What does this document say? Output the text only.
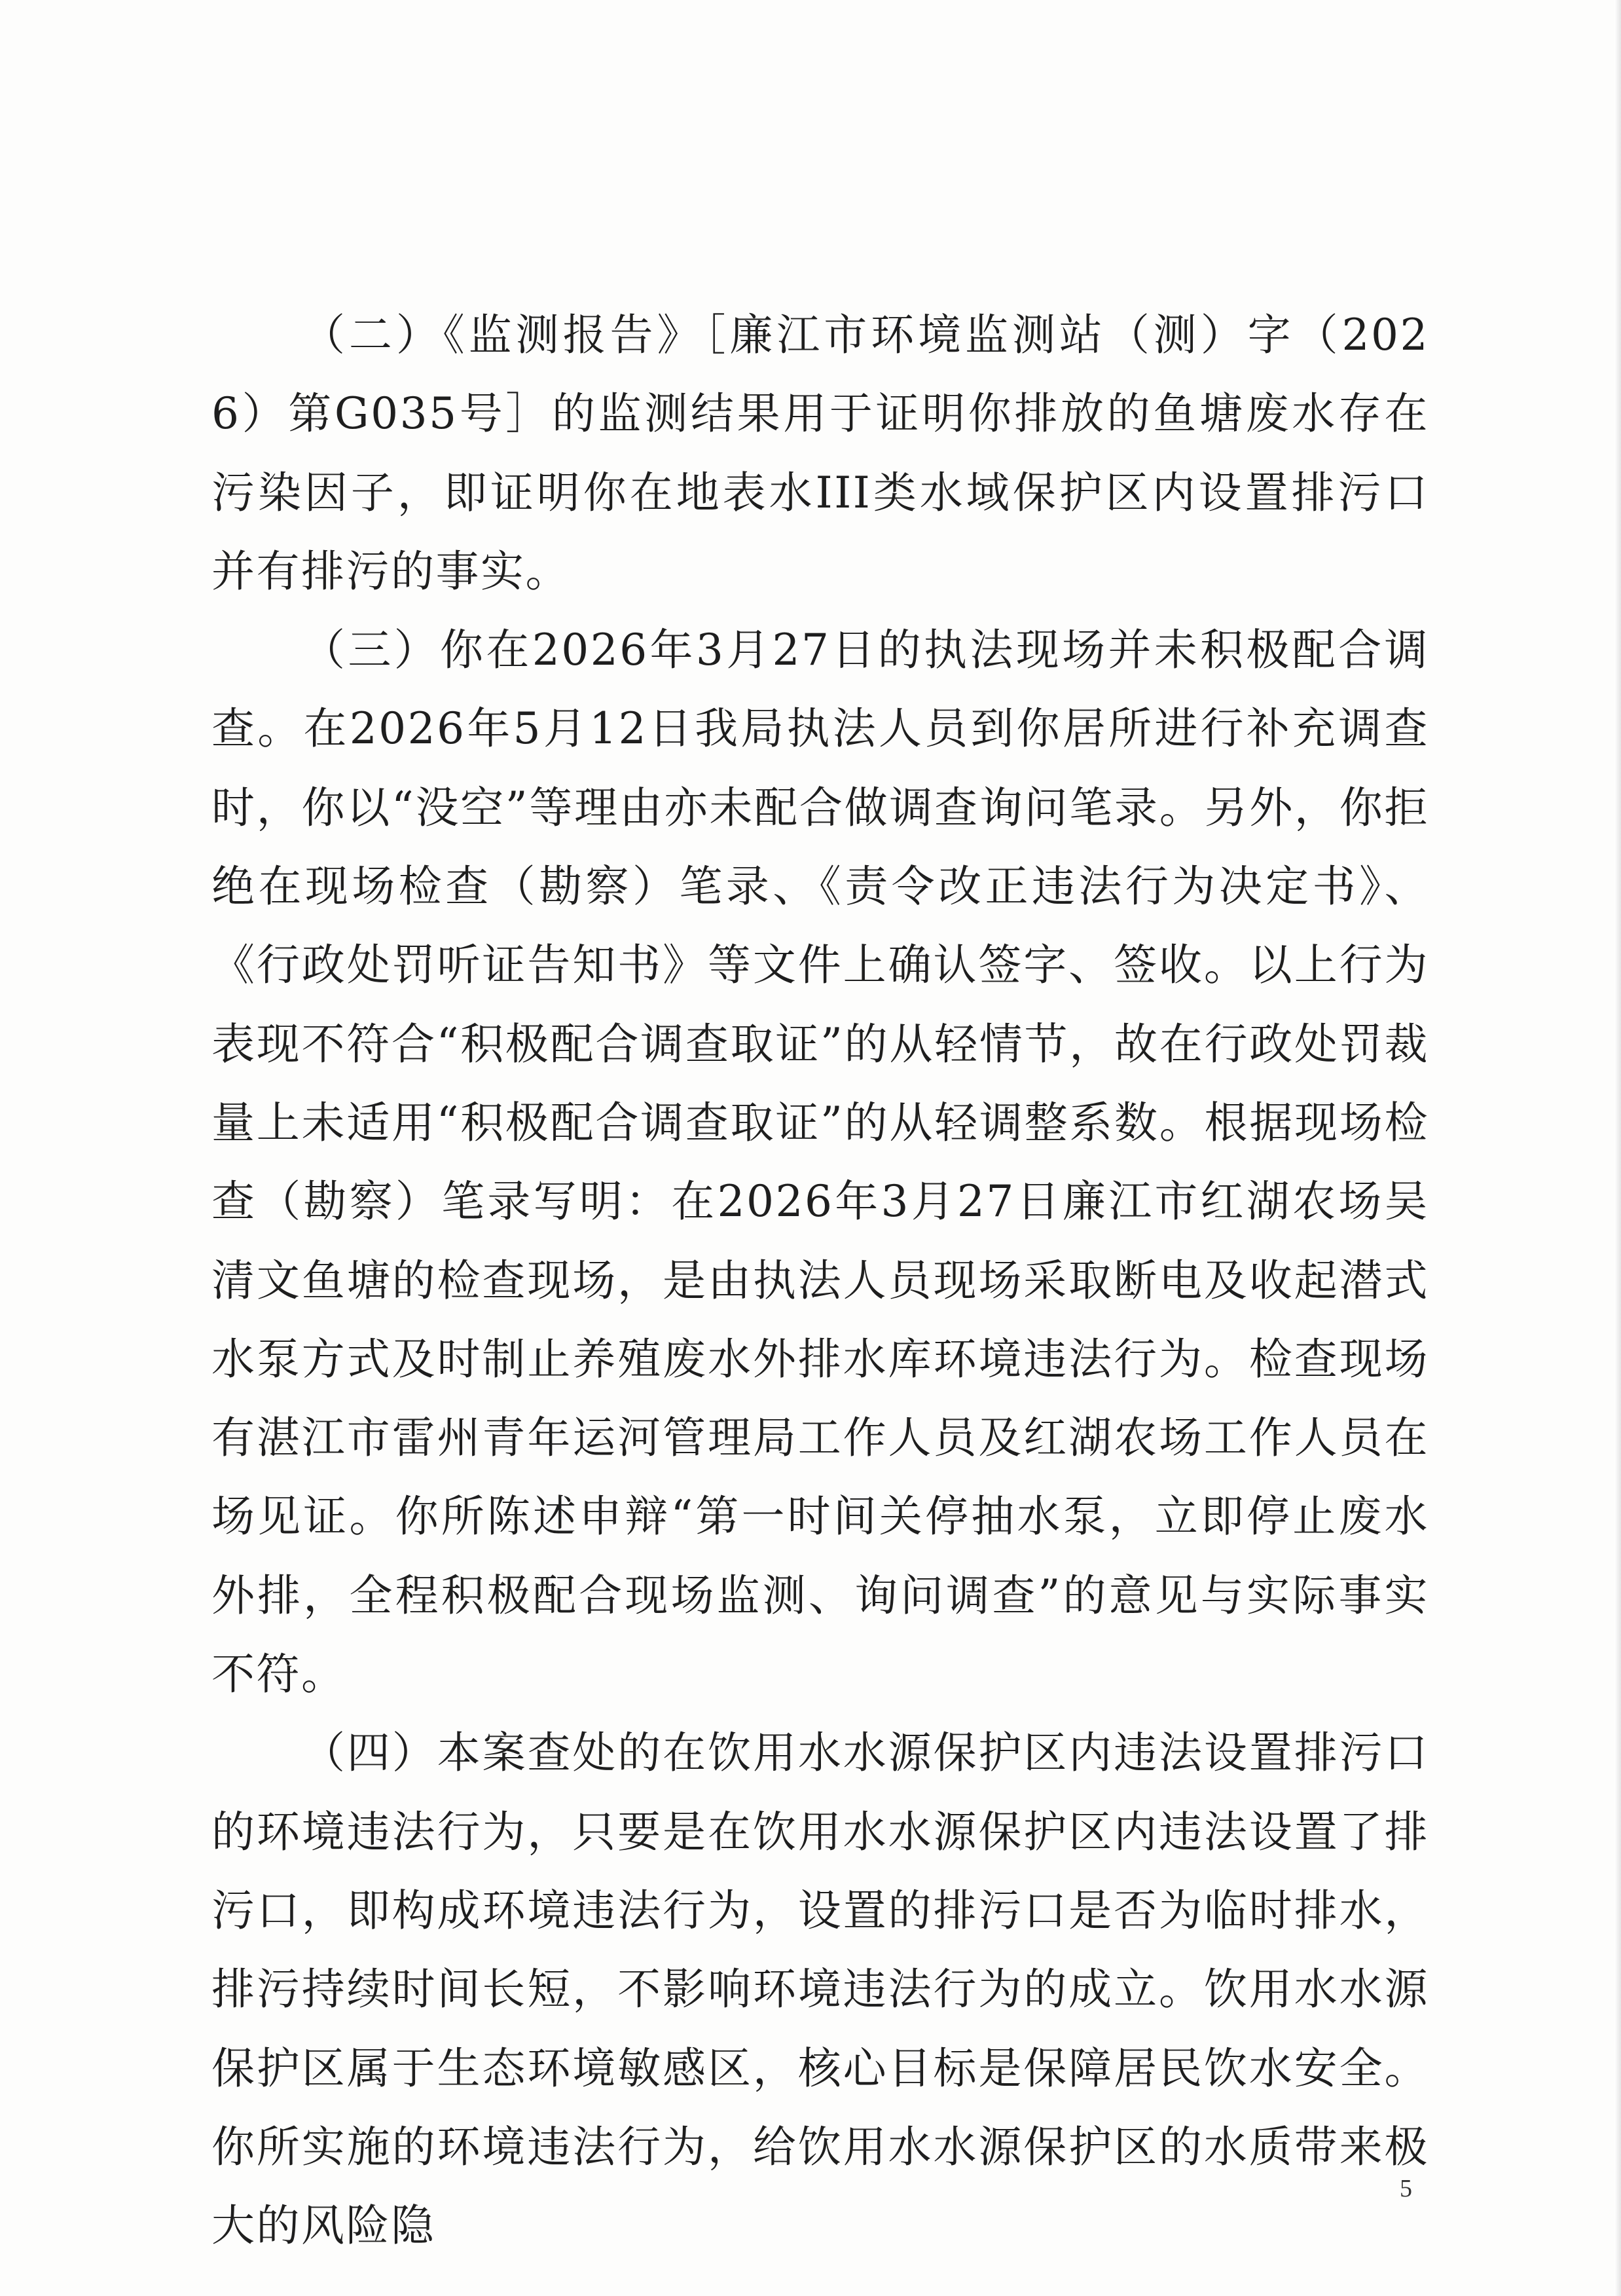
（二）《监测报告》［廉江市环境监测站（测）字（2026）第G035号］的监测结果用于证明你排放的鱼塘废水存在污染因子，即证明你在地表水III类水域保护区内设置排污口并有排污的事实。

（三）你在2026年3月27日的执法现场并未积极配合调查。在2026年5月12日我局执法人员到你居所进行补充调查时，你以“没空”等理由亦未配合做调查询问笔录。另外，你拒绝在现场检查（勘察）笔录、《责令改正违法行为决定书》、《行政处罚听证告知书》等文件上确认签字、签收。以上行为表现不符合“积极配合调查取证”的从轻情节，故在行政处罚裁量上未适用“积极配合调查取证”的从轻调整系数。根据现场检查（勘察）笔录写明：在2026年3月27日廉江市红湖农场吴清文鱼塘的检查现场，是由执法人员现场采取断电及收起潜式水泵方式及时制止养殖废水外排水库环境违法行为。检查现场有湛江市雷州青年运河管理局工作人员及红湖农场工作人员在场见证。你所陈述申辩“第一时间关停抽水泵，立即停止废水外排，全程积极配合现场监测、询问调查”的意见与实际事实不符。

（四）本案查处的在饮用水水源保护区内违法设置排污口的环境违法行为，只要是在饮用水水源保护区内违法设置了排污口，即构成环境违法行为，设置的排污口是否为临时排水，排污持续时间长短，不影响环境违法行为的成立。饮用水水源保护区属于生态环境敏感区，核心目标是保障居民饮水安全。你所实施的环境违法行为，给饮用水水源保护区的水质带来极大的风险隐

5
